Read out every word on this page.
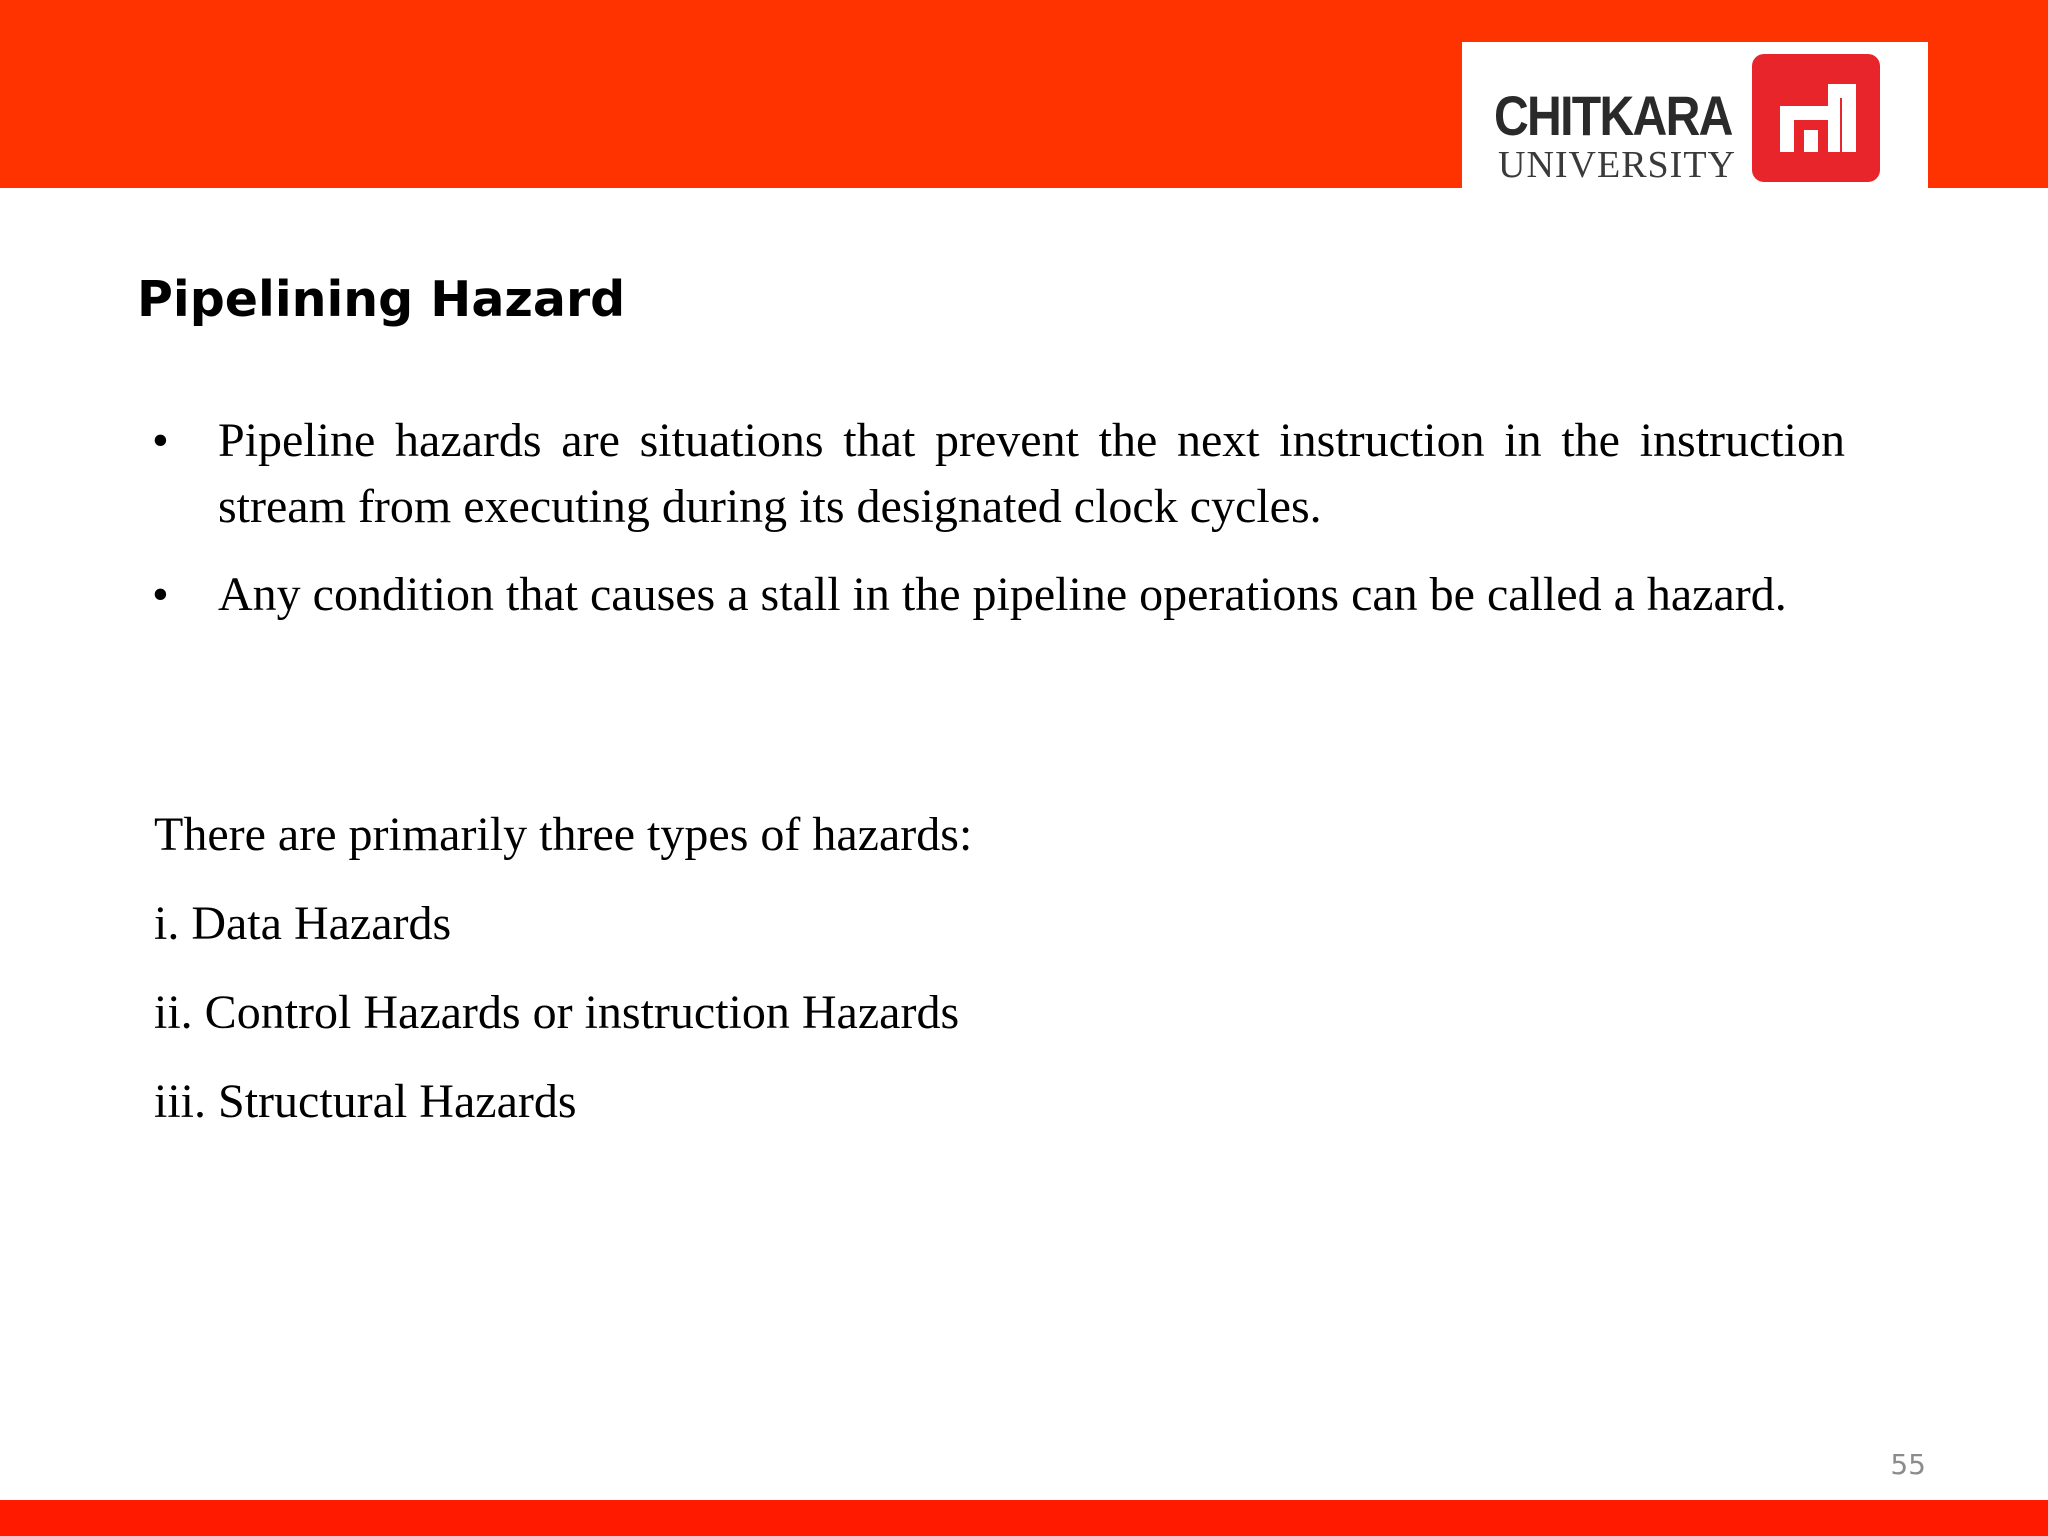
CHITKARA
UNIVERSITY
Pipelining Hazard
• Pipeline hazards are situations that prevent the next instruction in the instruction stream from executing during its designated clock cycles.
• Any condition that causes a stall in the pipeline operations can be called a hazard.

There are primarily three types of hazards:

i. Data Hazards

ii. Control Hazards or instruction Hazards

iii. Structural Hazards

55
